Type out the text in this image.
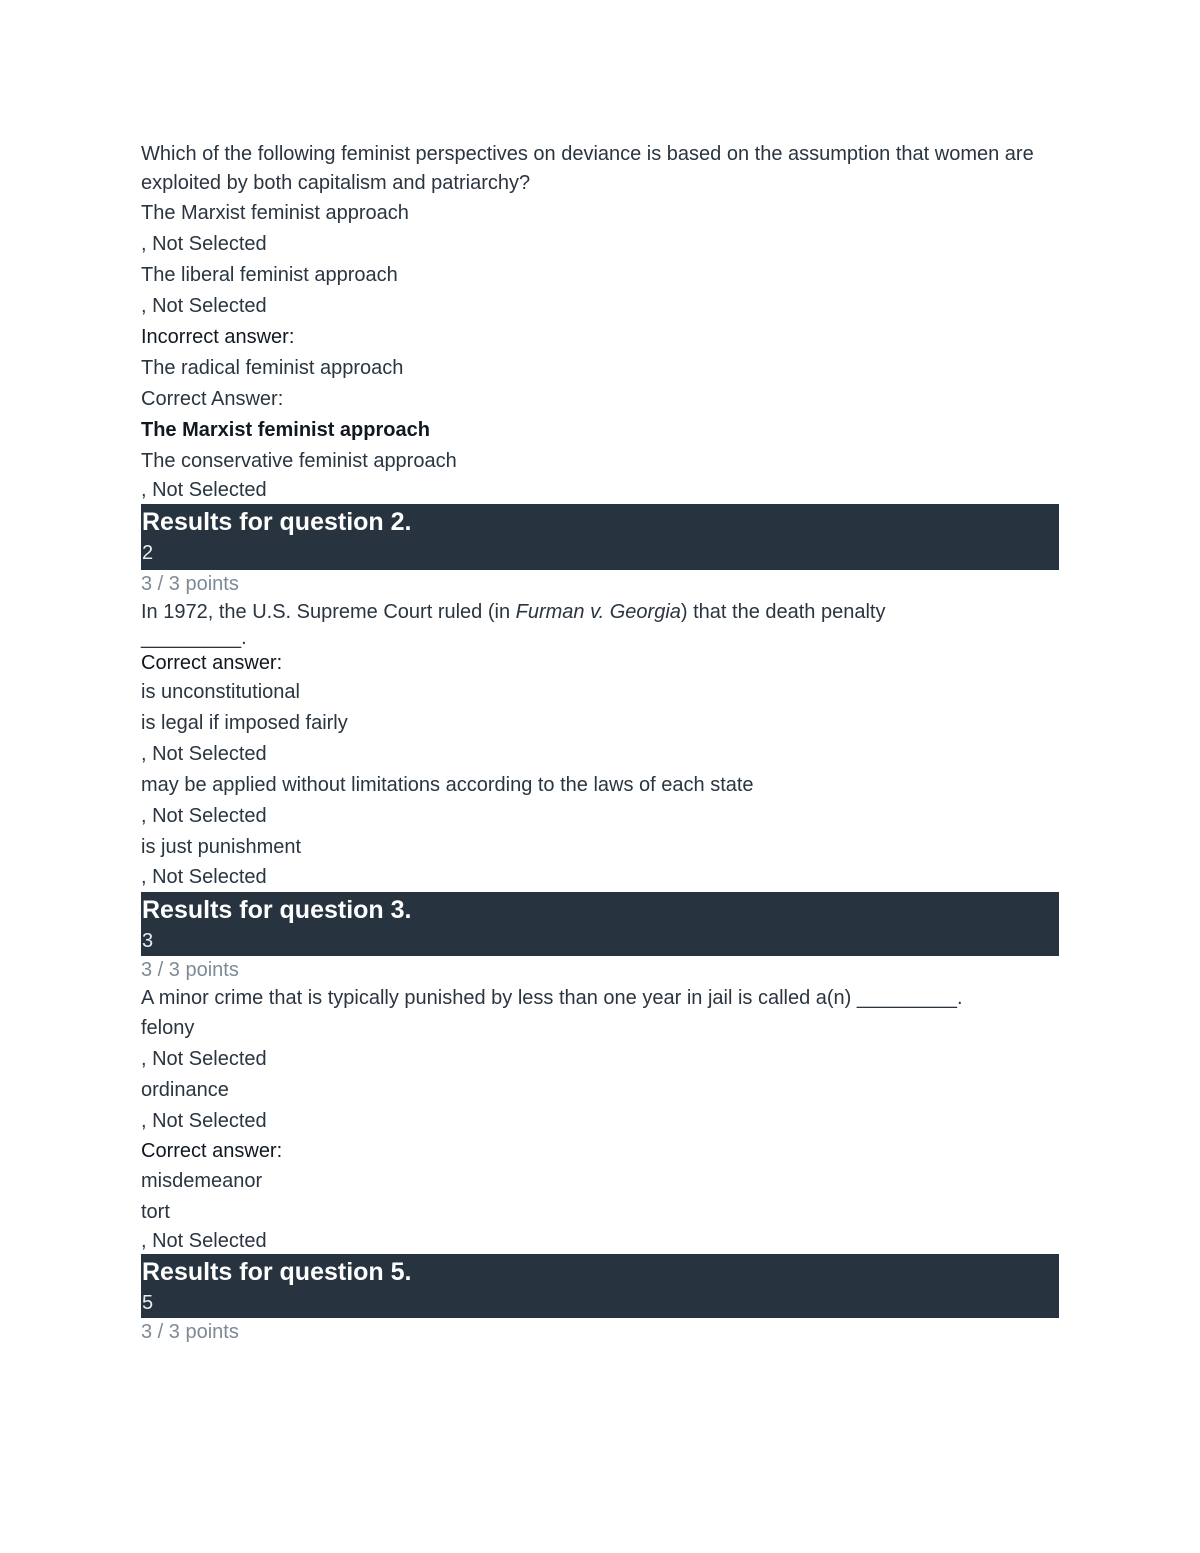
Which of the following feminist perspectives on deviance is based on the assumption that women are exploited by both capitalism and patriarchy?
The Marxist feminist approach
, Not Selected
The liberal feminist approach
, Not Selected
Incorrect answer:
The radical feminist approach
Correct Answer:
The Marxist feminist approach
The conservative feminist approach
, Not Selected
Results for question 2.
2
3 / 3 points
In 1972, the U.S. Supreme Court ruled (in Furman v. Georgia) that the death penalty
_________.
Correct answer:
is unconstitutional
is legal if imposed fairly
, Not Selected
may be applied without limitations according to the laws of each state
, Not Selected
is just punishment
, Not Selected
Results for question 3.
3
3 / 3 points
A minor crime that is typically punished by less than one year in jail is called a(n) _________.
felony
, Not Selected
ordinance
, Not Selected
Correct answer:
misdemeanor
tort
, Not Selected
Results for question 5.
5
3 / 3 points
